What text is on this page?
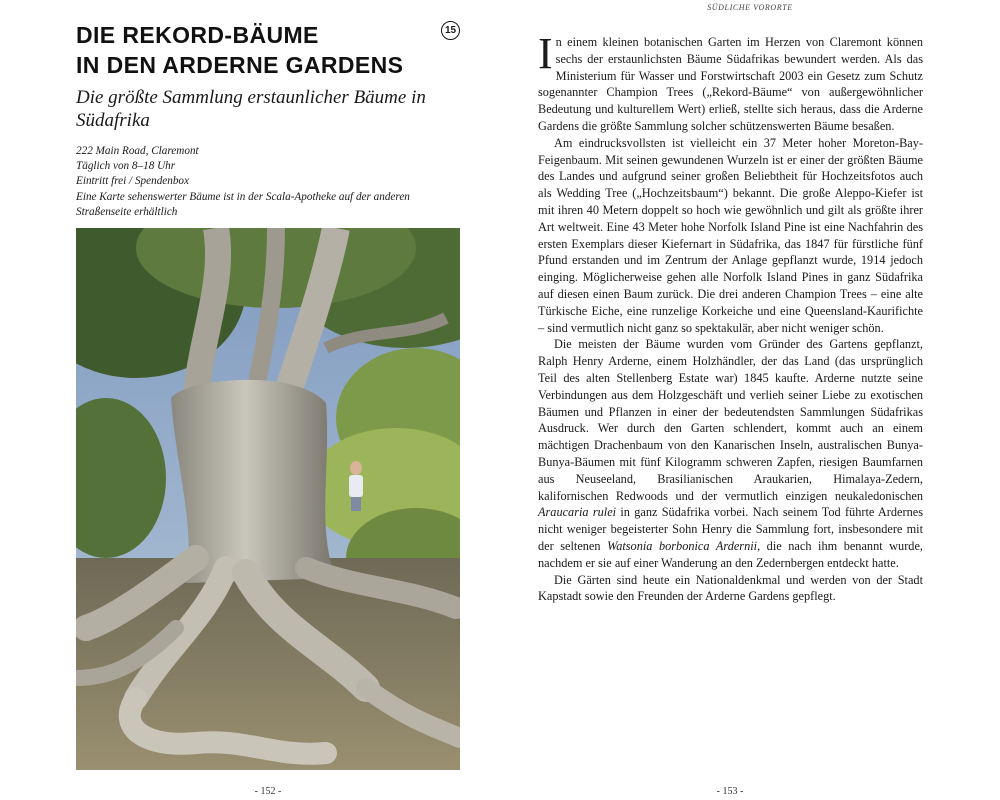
DIE REKORD-BÄUME
IN DEN ARDERNE GARDENS
15

Die größte Sammlung erstaunlicher Bäume in Südafrika

222 Main Road, Claremont
Täglich von 8–18 Uhr
Eintritt frei / Spendenbox
Eine Karte sehenswerter Bäume ist in der Scala-Apotheke auf der anderen Straßenseite erhältlich
- 152 -
SÜDLICHE VORORTE

In einem kleinen botanischen Garten im Herzen von Claremont können sechs der erstaunlichsten Bäume Südafrikas bewundert werden. Als das Ministerium für Wasser und Forstwirtschaft 2003 ein Gesetz zum Schutz sogenannter Champion Trees („Rekord-Bäume“ von außergewöhnlicher Bedeutung und kulturellem Wert) erließ, stellte sich heraus, dass die Arderne Gardens die größte Sammlung solcher schützenswerten Bäume besaßen.

Am eindrucksvollsten ist vielleicht ein 37 Meter hoher Moreton-Bay-Feigenbaum. Mit seinen gewundenen Wurzeln ist er einer der größten Bäume des Landes und aufgrund seiner großen Beliebtheit für Hochzeitsfotos auch als Wedding Tree („Hochzeitsbaum“) bekannt. Die große Aleppo-Kiefer ist mit ihren 40 Metern doppelt so hoch wie gewöhnlich und gilt als größte ihrer Art weltweit. Eine 43 Meter hohe Norfolk Island Pine ist eine Nachfahrin des ersten Exemplars dieser Kiefernart in Südafrika, das 1847 für fürstliche fünf Pfund erstanden und im Zentrum der Anlage gepflanzt wurde, 1914 jedoch einging. Möglicherweise gehen alle Norfolk Island Pines in ganz Südafrika auf diesen einen Baum zurück. Die drei anderen Champion Trees – eine alte Türkische Eiche, eine runzelige Korkeiche und eine Queensland-Kaurifichte – sind vermutlich nicht ganz so spektakulär, aber nicht weniger schön.

Die meisten der Bäume wurden vom Gründer des Gartens gepflanzt, Ralph Henry Arderne, einem Holzhändler, der das Land (das ursprünglich Teil des alten Stellenberg Estate war) 1845 kaufte. Arderne nutzte seine Verbindungen aus dem Holzgeschäft und verlieh seiner Liebe zu exotischen Bäumen und Pflanzen in einer der bedeutendsten Sammlungen Südafrikas Ausdruck. Wer durch den Garten schlendert, kommt auch an einem mächtigen Drachenbaum von den Kanarischen Inseln, australischen Bunya-Bunya-Bäumen mit fünf Kilogramm schweren Zapfen, riesigen Baumfarnen aus Neuseeland, Brasilianischen Araukarien, Himalaya-Zedern, kalifornischen Redwoods und der vermutlich einzigen neukaledonischen Araucaria rulei in ganz Südafrika vorbei. Nach seinem Tod führte Ardernes nicht weniger begeisterter Sohn Henry die Sammlung fort, insbesondere mit der seltenen Watsonia borbonica Ardernii, die nach ihm benannt wurde, nachdem er sie auf einer Wanderung an den Zedernbergen entdeckt hatte.

Die Gärten sind heute ein Nationaldenkmal und werden von der Stadt Kapstadt sowie den Freunden der Arderne Gardens gepflegt.

- 153 -
